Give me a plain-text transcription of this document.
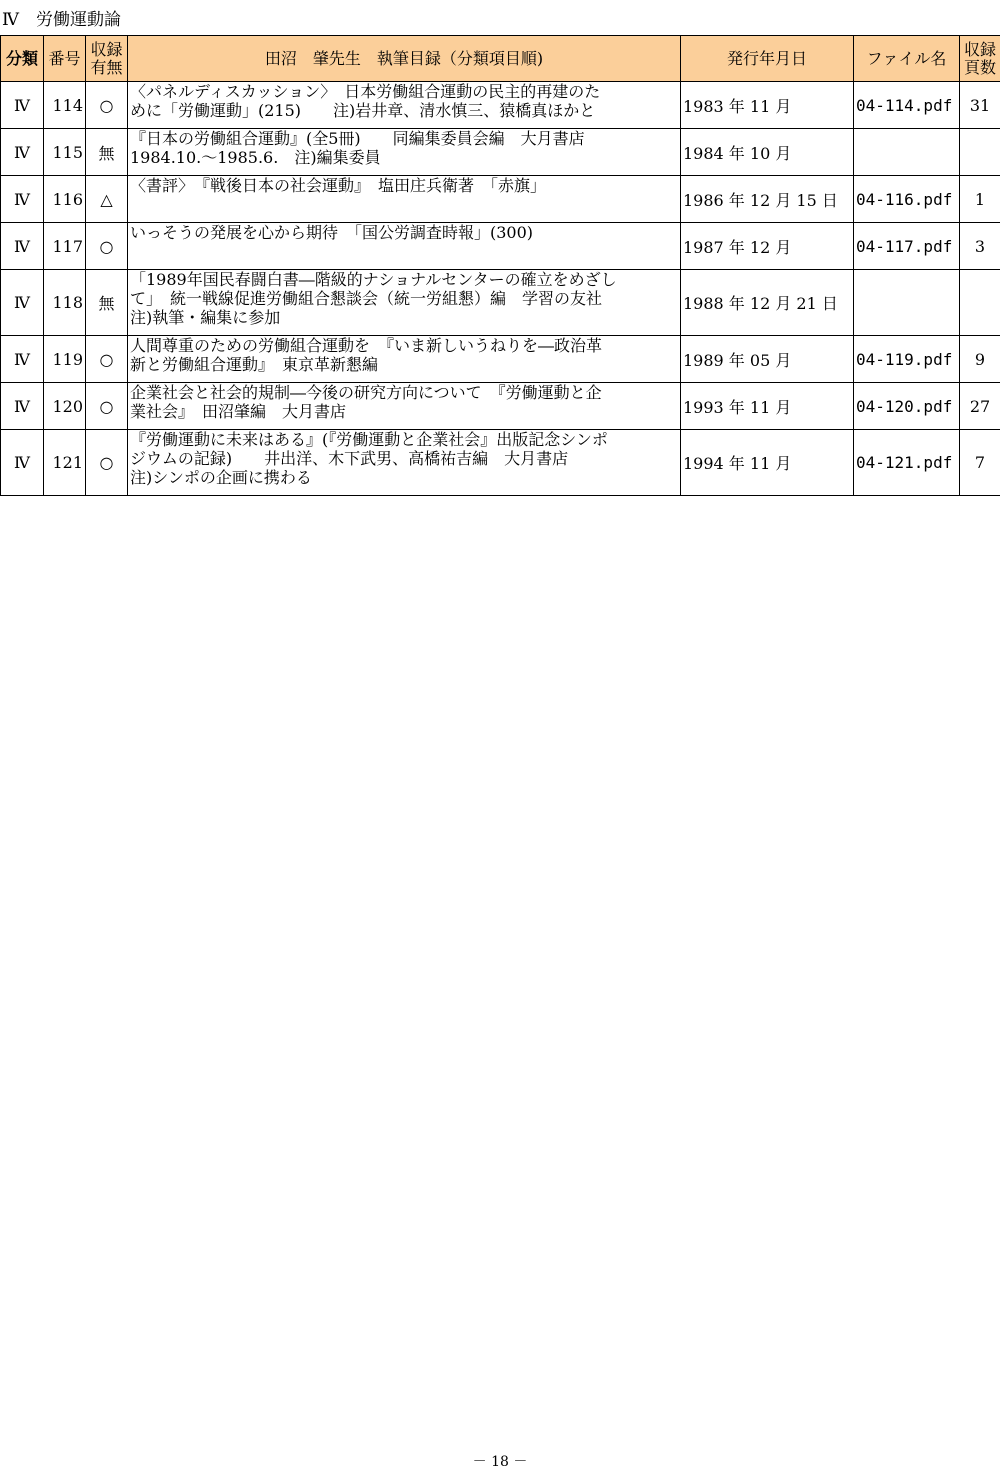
Ⅳ　労働運動論
分類	番号	収録
有無	田沼　肇先生　執筆目録（分類項目順)	発行年月日	ファイル名	収録
頁数

Ⅳ	114	○	〈パネルディスカッション〉　日本労働組合運動の民主的再建のた
めに「労働運動」(215)　　注)岩井章、清水慎三、猿橋真ほかと	1983 年 11 月	04-114.pdf	31
Ⅳ	115	無	『日本の労働組合運動』(全5冊)　　同編集委員会編　大月書店
1984.10.～1985.6.　注)編集委員	1984 年 10 月		
Ⅳ	116	△	〈書評〉　『戦後日本の社会運動』　塩田庄兵衛著　「赤旗」	1986 年 12 月 15 日	04-116.pdf	1
Ⅳ	117	○	いっそうの発展を心から期待　「国公労調査時報」(300)	1987 年 12 月	04-117.pdf	3
Ⅳ	118	無	「1989年国民春闘白書―階級的ナショナルセンターの確立をめざし
て」　統一戦線促進労働組合懇談会（統一労組懇）編　学習の友社
注)執筆・編集に参加	1988 年 12 月 21 日		
Ⅳ	119	○	人間尊重のための労働組合運動を　『いま新しいうねりを―政治革
新と労働組合運動』　東京革新懇編	1989 年 05 月	04-119.pdf	9
Ⅳ	120	○	企業社会と社会的規制―今後の研究方向について　『労働運動と企
業社会』　田沼肇編　大月書店	1993 年 11 月	04-120.pdf	27
Ⅳ	121	○	『労働運動に未来はある』(『労働運動と企業社会』出版記念シンポ
ジウムの記録)　　井出洋、木下武男、高橋祐吉編　大月書店
注)シンポの企画に携わる	1994 年 11 月	04-121.pdf	7
－ 18 －
